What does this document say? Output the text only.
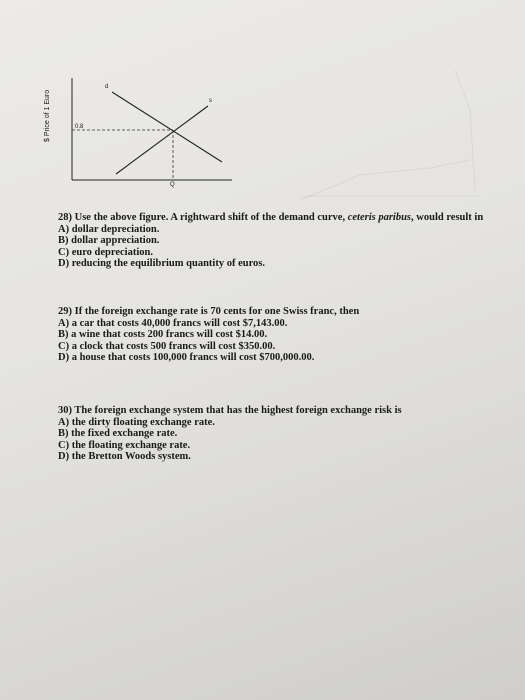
$ Price of 1 Euro	0.8
Q
d
s
28) Use the above figure. A rightward shift of the demand curve, ceteris paribus, would result in
A) dollar depreciation.
B) dollar appreciation.
C) euro depreciation.
D) reducing the equilibrium quantity of euros.
29) If the foreign exchange rate is 70 cents for one Swiss franc, then
A) a car that costs 40,000 francs will cost $7,143.00.
B) a wine that costs 200 francs will cost $14.00.
C) a clock that costs 500 francs will cost $350.00.
D) a house that costs 100,000 francs will cost $700,000.00.
30) The foreign exchange system that has the highest foreign exchange risk is
A) the dirty floating exchange rate.
B) the fixed exchange rate.
C) the floating exchange rate.
D) the Bretton Woods system.
